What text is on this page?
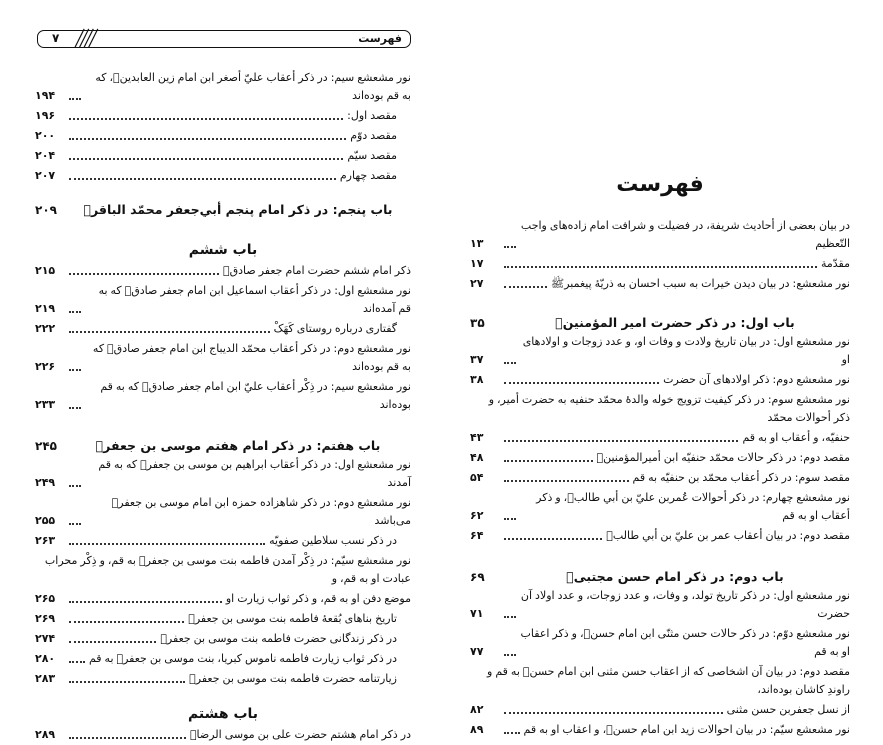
فهرست
۷
نور مشعشع سیم: در ذکر أعقاب عليّ أصغر ابن امام زین العابدینؑ، که به قم بوده‌اند
۱۹۴
مقصد اول:
۱۹۶
مقصد دوّم
۲۰۰
مقصد سیّم
۲۰۴
مقصد چهارم
۲۰۷
باب پنجم: در ذکر امام پنجم أبي‌جعفر محمّد الباقرؑ
۲۰۹
باب ششم
ذکر امام ششم حضرت امام جعفر صادقؑ
۲۱۵
نور مشعشع اول: در ذکر أعقاب اسماعیل ابن امام جعفر صادقؑ که به قم آمده‌اند
۲۱۹
گفتاری درباره روستای کَهَکْ
۲۲۲
نور مشعشع دوم: در ذکر أعقاب محمّد الدیباج ابن امام جعفر صادقؑ که به قم بوده‌اند
۲۲۶
نور مشعشع سیم: در ذِکْر أعقاب عليّ ابن امام جعفر صادقؑ که به قم بوده‌اند
۲۳۳
باب هفتم: در ذکر امام هفتم موسی بن جعفرؑ
۲۴۵
نور مشعشع اول: در ذکر أعقاب ابراهیم بن موسی بن جعفرؑ که به قم آمدند
۲۴۹
نور مشعشع دوم: در ذکر شاهزاده حمزه ابن امام موسی بن جعفرؑ می‌باشد
۲۵۵
در ذکر نسب سلاطین صفویّه
۲۶۳
نور مشعشع سیّم: در ذِکْر آمدن فاطمه بنت موسی بن جعفرؑ به قم، و ذِکْر محراب عبادت او به قم، و
موضع دفن او به قم، و ذکر ثواب زیارت او
۲۶۵
تاریخ بناهای بُقعهٔ فاطمه بنت موسی بن جعفرؑ
۲۶۹
در ذکر زندگانی حضرت فاطمه بنت موسی بن جعفرؑ
۲۷۴
در ذکر ثواب زیارت فاطمه ناموس کبریا، بنت موسی بن جعفرؑ به قم
۲۸۰
زیارتنامه حضرت فاطمه بنت موسی بن جعفرؑ
۲۸۳
باب هشتم
در ذکر امام هشتم حضرت علی بن موسی الرضاؑ
۲۸۹
فهرست
در بیان بعضی از أحادیث شریفة، در فضیلت و شرافت امام زاده‌های واجب التّعظیم
۱۳
مقدّمة
۱۷
نور مشعشع: در بیان دیدن خیرات به سبب احسان به ذریّهٔ پیغمبرﷺ
۲۷
باب اول: در ذکر حضرت امیر المؤمنینؑ
۳۵
نور مشعشع اول: در بیان تاریخ ولادت و وفات او، و عدد زوجات و اولادهای او
۳۷
نور مشعشع دوم: ذکر اولادهای آن حضرت
۳۸
نور مشعشع سوم: در ذکر کیفیت تزویج خوله والدهٔ محمّد حنفیه به حضرت أمیر، و ذکر أحوالات محمّد
حنفیّه، و أعقاب او به قم
۴۳
مقصد دوم: در ذکر حالات محمّد حنفیّه ابن أمیرالمؤمنینؑ
۴۸
مقصد سوم: در ذکر أعقاب محمّد بن حنفیّه به قم
۵۴
نور مشعشع چهارم: در ذکر أحوالات عُمربن عليّ بن أبي طالبؑ، و ذکر أعقاب او به قم
۶۲
مقصد دوم: در بیان أعقاب عمر بن عليّ بن أبي طالبؑ
۶۴
باب دوم: در ذکر امام حسن مجتبیؑ
۶۹
نور مشعشع اول: در ذکر تاریخ تولد، و وفات، و عدد زوجات، و عدد اولاد آن حضرت
۷۱
نور مشعشع دوّم: در ذکر حالات حسن مثنّی ابن امام حسنؑ، و ذکر اعقاب او به قم
۷۷
مقصد دوم: در بیان آن اشخاصی که از اعقاب حسن مثنی ابن امام حسنؑ به قم و راوندِ کاشان بوده‌اند،
از نسل جعفربن حسن مثنی
۸۲
نور مشعشع سیّم: در بیان احوالات زید ابن امام حسنؑ، و اعقاب او به قم
۸۹
